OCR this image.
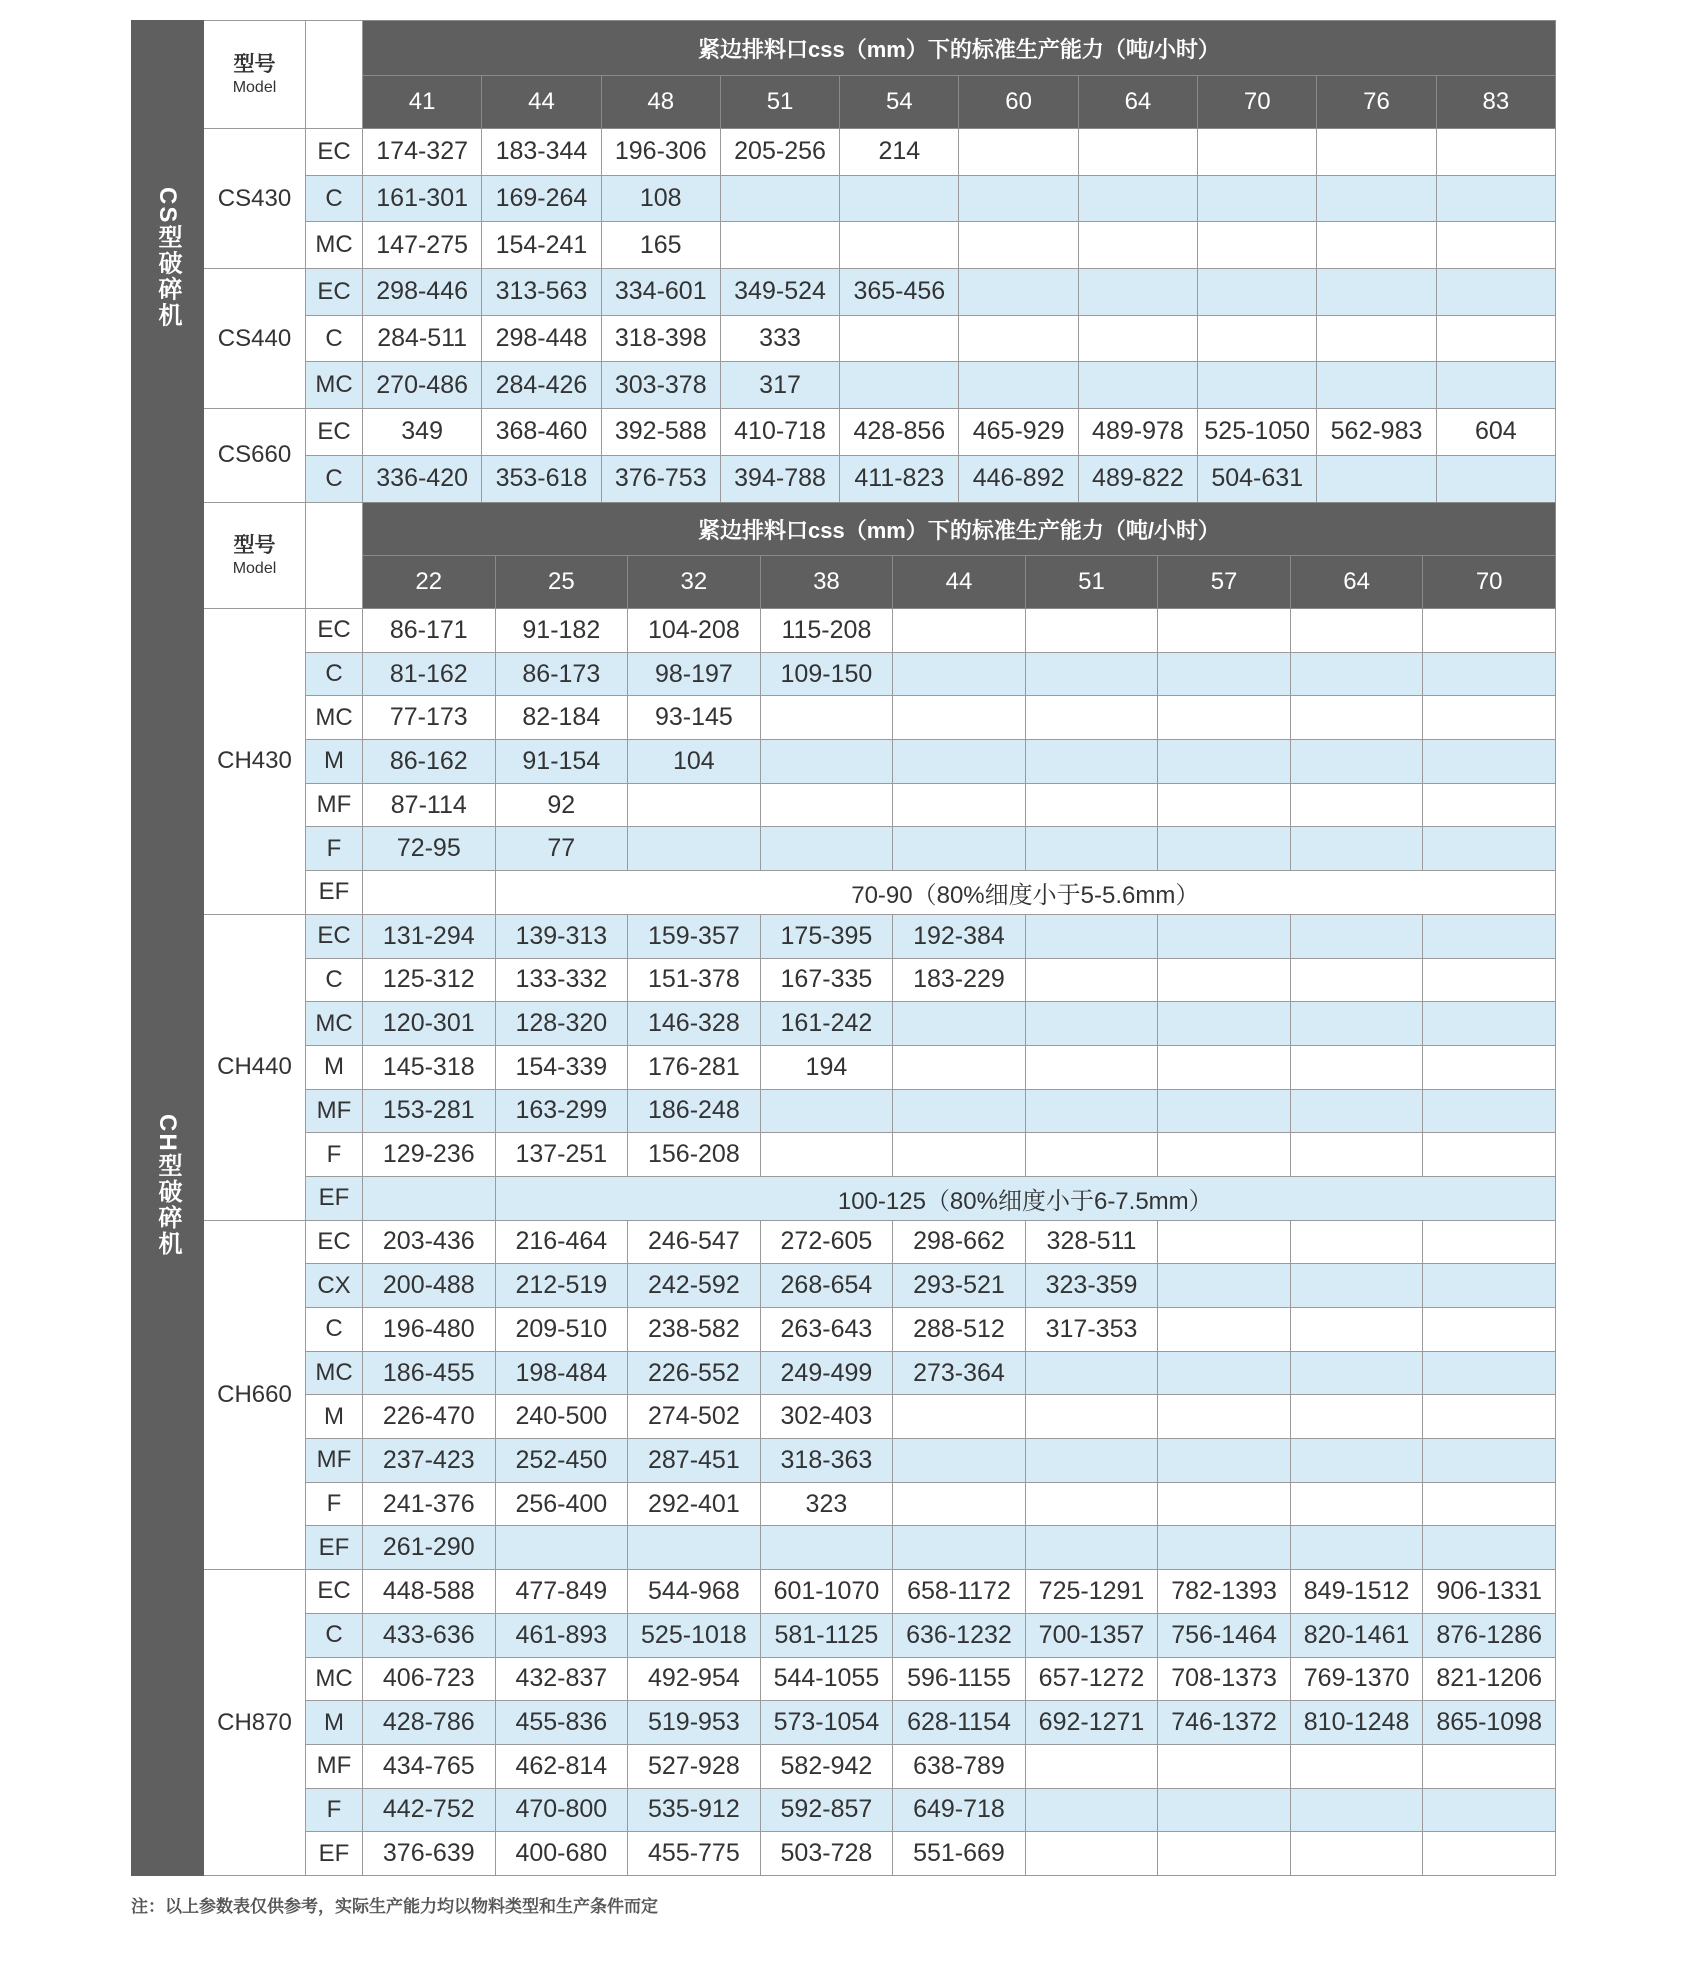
CS型破碎机	型号
Model		紧边排料口css（mm）下的标准生产能力（吨/小时）									
			41	44	48	51	54	60	64	70	76	83
	CS430	EC	174-327	183-344	196-306	205-256	214					
		C	161-301	169-264	108							
		MC	147-275	154-241	165							
	CS440	EC	298-446	313-563	334-601	349-524	365-456					
		C	284-511	298-448	318-398	333						
		MC	270-486	284-426	303-378	317						
	CS660	EC	349	368-460	392-588	410-718	428-856	465-929	489-978	525-1050	562-983	604
		C	336-420	353-618	376-753	394-788	411-823	446-892	489-822	504-631		
CH型破碎机	型号
Model		紧边排料口css（mm）下的标准生产能力（吨/小时）								
			22	25	32	38	44	51	57	64	70
	CH430	EC	86-171	91-182	104-208	115-208					
		C	81-162	86-173	98-197	109-150					
		MC	77-173	82-184	93-145						
		M	86-162	91-154	104						
		MF	87-114	92							
		F	72-95	77							
		EF		70-90（80%细度小于5-5.6mm）							
	CH440	EC	131-294	139-313	159-357	175-395	192-384				
		C	125-312	133-332	151-378	167-335	183-229				
		MC	120-301	128-320	146-328	161-242					
		M	145-318	154-339	176-281	194					
		MF	153-281	163-299	186-248						
		F	129-236	137-251	156-208						
		EF		100-125（80%细度小于6-7.5mm）							
	CH660	EC	203-436	216-464	246-547	272-605	298-662	328-511			
		CX	200-488	212-519	242-592	268-654	293-521	323-359			
		C	196-480	209-510	238-582	263-643	288-512	317-353			
		MC	186-455	198-484	226-552	249-499	273-364				
		M	226-470	240-500	274-502	302-403					
		MF	237-423	252-450	287-451	318-363					
		F	241-376	256-400	292-401	323					
		EF	261-290								
	CH870	EC	448-588	477-849	544-968	601-1070	658-1172	725-1291	782-1393	849-1512	906-1331
		C	433-636	461-893	525-1018	581-1125	636-1232	700-1357	756-1464	820-1461	876-1286
		MC	406-723	432-837	492-954	544-1055	596-1155	657-1272	708-1373	769-1370	821-1206
		M	428-786	455-836	519-953	573-1054	628-1154	692-1271	746-1372	810-1248	865-1098
		MF	434-765	462-814	527-928	582-942	638-789				
		F	442-752	470-800	535-912	592-857	649-718				
		EF	376-639	400-680	455-775	503-728	551-669				
注：以上参数表仅供参考，实际生产能力均以物料类型和生产条件而定
